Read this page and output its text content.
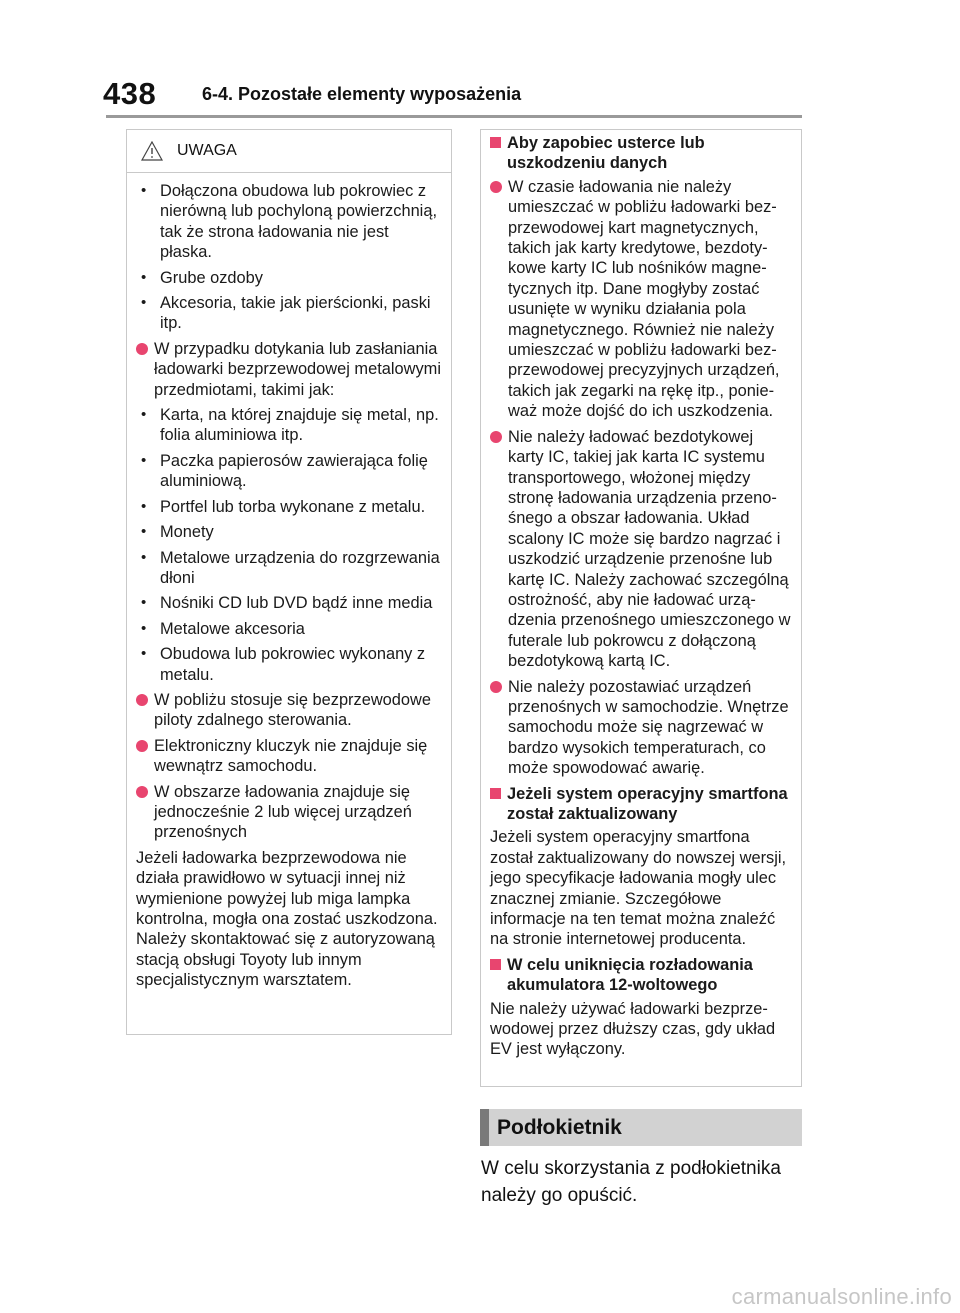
438	6-4. Pozostałe elementy wyposażenia
UWAGA
• Dołączona obudowa lub pokrowiec z nierówną lub pochyloną powierzchnią, tak że strona ładowania nie jest płaska.
• Grube ozdoby
• Akcesoria, takie jak pierścionki, paski itp.
W przypadku dotykania lub zasłaniania ładowarki bezprzewodowej metalowymi przedmiotami, takimi jak:
• Karta, na której znajduje się metal, np. folia aluminiowa itp.
• Paczka papierosów zawierająca folię aluminiową.
• Portfel lub torba wykonane z metalu.
• Monety
• Metalowe urządzenia do rozgrzewania dłoni
• Nośniki CD lub DVD bądź inne media
• Metalowe akcesoria
• Obudowa lub pokrowiec wykonany z metalu.
W pobliżu stosuje się bezprzewodowe piloty zdalnego sterowania.
Elektroniczny kluczyk nie znajduje się wewnątrz samochodu.
W obszarze ładowania znajduje się jednocześnie 2 lub więcej urządzeń przenośnych
Jeżeli ładowarka bezprzewodowa nie działa prawidłowo w sytuacji innej niż wymienione powyżej lub miga lampka kontrolna, mogła ona zostać uszkodzona. Należy skontaktować się z autoryzowaną stacją obsługi Toyoty lub innym specjalistycznym warsztatem.
Aby zapobiec usterce lub uszkodzeniu danych
W czasie ładowania nie należy umieszczać w pobliżu ładowarki bezprzewodowej kart magnetycznych, takich jak karty kredytowe, bezdotykowe karty IC lub nośników magnetycznych itp. Dane mogłyby zostać usunięte w wyniku działania pola magnetycznego. Również nie należy umieszczać w pobliżu ładowarki bezprzewodowej precyzyjnych urządzeń, takich jak zegarki na rękę itp., ponieważ może dojść do ich uszkodzenia.
Nie należy ładować bezdotykowej karty IC, takiej jak karta IC systemu transportowego, włożonej między stronę ładowania urządzenia przenośnego a obszar ładowania. Układ scalony IC może się bardzo nagrzać i uszkodzić urządzenie przenośne lub kartę IC. Należy zachować szczególną ostrożność, aby nie ładować urządzenia przenośnego umieszczonego w futerale lub pokrowcu z dołączoną bezdotykową kartą IC.
Nie należy pozostawiać urządzeń przenośnych w samochodzie. Wnętrze samochodu może się nagrzewać w bardzo wysokich temperaturach, co może spowodować awarię.
Jeżeli system operacyjny smartfona został zaktualizowany
Jeżeli system operacyjny smartfona został zaktualizowany do nowszej wersji, jego specyfikacje ładowania mogły ulec znacznej zmianie. Szczegółowe informacje na ten temat można znaleźć na stronie internetowej producenta.
W celu uniknięcia rozładowania akumulatora 12-woltowego
Nie należy używać ładowarki bezprzewodowej przez dłuższy czas, gdy układ EV jest wyłączony.
Podłokietnik
W celu skorzystania z podłokietnika należy go opuścić.
carmanualsonline.info
